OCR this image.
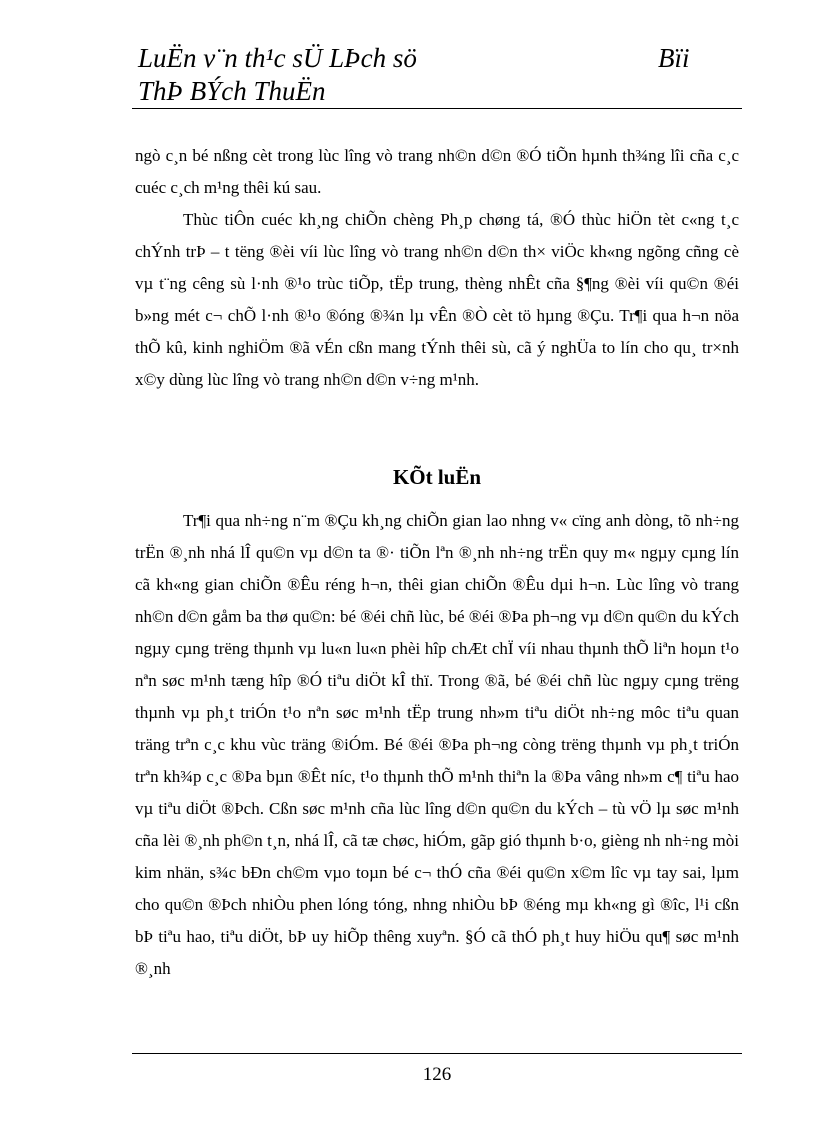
LuËn v¨n th¹c sÜ LÞch sö
ThÞ BÝch ThuËn
Bïi

ngò c¸n bé nßng cèt trong lùc lîng vò trang nh©n d©n ®Ó tiÕn hµnh th¾ng lîi cña c¸c cuéc c¸ch m¹ng thêi kú sau.

Thùc tiÔn cuéc kh¸ng chiÕn chèng Ph¸p chøng tá, ®Ó thùc hiÖn tèt c«ng t¸c chÝnh trÞ – t tëng ®èi víi lùc lîng vò trang nh©n d©n th× viÖc kh«ng ngõng cñng cè vµ t¨ng cêng sù l·nh ®¹o trùc tiÕp, tËp trung, thèng nhÊt cña §¶ng ®èi víi qu©n ®éi b»ng mét c¬ chÕ l·nh ®¹o ®óng ®¾n lµ vÊn ®Ò cèt tö hµng ®Çu. Tr¶i qua h¬n nöa thÕ kû, kinh nghiÖm ®ã vÉn cßn mang tÝnh thêi sù, cã ý nghÜa to lín cho qu¸ tr×nh x©y dùng lùc lîng vò trang nh©n d©n v÷ng m¹nh.

KÕt luËn

Tr¶i qua nh÷ng n¨m ®Çu kh¸ng chiÕn gian lao nhng v« cïng anh dòng, tõ nh÷ng trËn ®¸nh nhá lÎ qu©n vµ d©n ta ®· tiÕn lªn ®¸nh nh÷ng trËn quy m« ngµy cµng lín cã kh«ng gian chiÕn ®Êu réng h¬n, thêi gian chiÕn ®Êu dµi h¬n. Lùc lîng vò trang nh©n d©n gåm ba thø qu©n: bé ®éi chñ lùc, bé ®éi ®Þa ph¬ng vµ d©n qu©n du kÝch ngµy cµng trëng thµnh vµ lu«n lu«n phèi hîp chÆt chÏ víi nhau thµnh thÕ liªn hoµn t¹o nªn søc m¹nh tæng hîp ®Ó tiªu diÖt kÎ thï. Trong ®ã, bé ®éi chñ lùc ngµy cµng trëng thµnh vµ ph¸t triÓn t¹o nªn søc m¹nh tËp trung nh»m tiªu diÖt nh÷ng môc tiªu quan träng trªn c¸c khu vùc träng ®iÓm. Bé ®éi ®Þa ph¬ng còng trëng thµnh vµ ph¸t triÓn trªn kh¾p c¸c ®Þa bµn ®Êt níc, t¹o thµnh thÕ m¹nh thiªn la ®Þa vâng nh»m c¶ tiªu hao vµ tiªu diÖt ®Þch. Cßn søc m¹nh cña lùc lîng d©n qu©n du kÝch – tù vÖ lµ søc m¹nh cña lèi ®¸nh ph©n t¸n, nhá lÎ, cã tæ chøc, hiÓm, gãp gió thµnh b·o, gièng nh nh÷ng mòi kim nhän, s¾c bÐn ch©m vµo toµn bé c¬ thÓ cña ®éi qu©n x©m lîc vµ tay sai, lµm cho qu©n ®Þch nhiÒu phen lóng tóng, nhng nhiÒu bÞ ®éng mµ kh«ng gì ®îc, l¹i cßn bÞ tiªu hao, tiªu diÖt, bÞ uy hiÕp thêng xuyªn. §Ó cã thÓ ph¸t huy hiÖu qu¶ søc m¹nh ®¸nh

126
